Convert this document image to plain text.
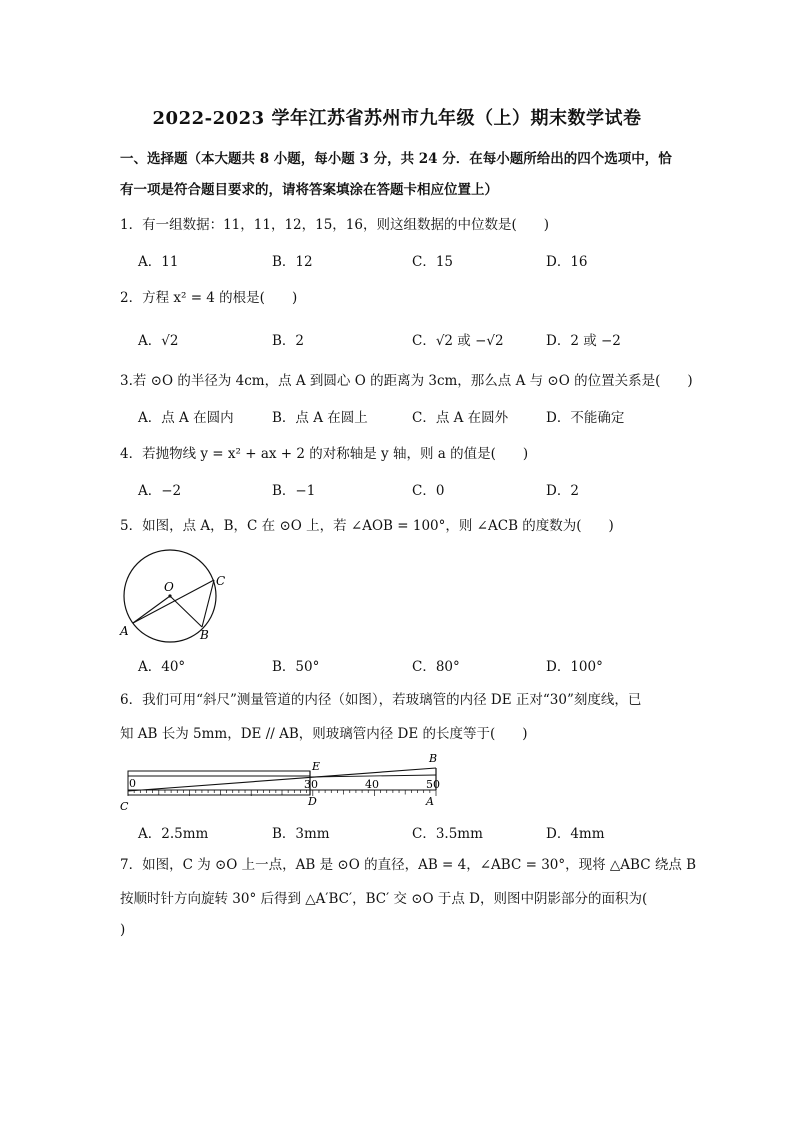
2022-2023 学年江苏省苏州市九年级（上）期末数学试卷
一、选择题（本大题共 8 小题，每小题 3 分，共 24 分．在每小题所给出的四个选项中，恰
有一项是符合题目要求的，请将答案填涂在答题卡相应位置上）
1．有一组数据：11，11，12，15，16，则这组数据的中位数是(　　)
A．11	B．12	C．15	D．16
2．方程 x² = 4 的根是(　　)
A．√2	B．2	C．√2 或 −√2	D．2 或 −2
3.若 ⊙O 的半径为 4cm，点 A 到圆心 O 的距离为 3cm，那么点 A 与 ⊙O 的位置关系是(　　)
A．点 A 在圆内	B．点 A 在圆上	C．点 A 在圆外	D．不能确定
4．若抛物线 y = x² + ax + 2 的对称轴是 y 轴，则 a 的值是(　　)
A．−2	B．−1	C．0	D．2
5．如图，点 A，B，C 在 ⊙O 上，若 ∠AOB = 100°，则 ∠ACB 的度数为(　　)
O
A	B
C
A．40°	B．50°	C．80°	D．100°
6．我们可用“斜尺”测量管道的内径（如图），若玻璃管的内径 DE 正对“30”刻度线，已
知 AB 长为 5mm，DE // AB，则玻璃管内径 DE 的长度等于(　　)
0	30	40	50
E
B
C	D	A
A．2.5mm	B．3mm	C．3.5mm	D．4mm
7．如图，C 为 ⊙O 上一点，AB 是 ⊙O 的直径，AB = 4，∠ABC = 30°，现将 △ABC 绕点 B
按顺时针方向旋转 30° 后得到 △A′BC′，BC′ 交 ⊙O 于点 D，则图中阴影部分的面积为(
)
